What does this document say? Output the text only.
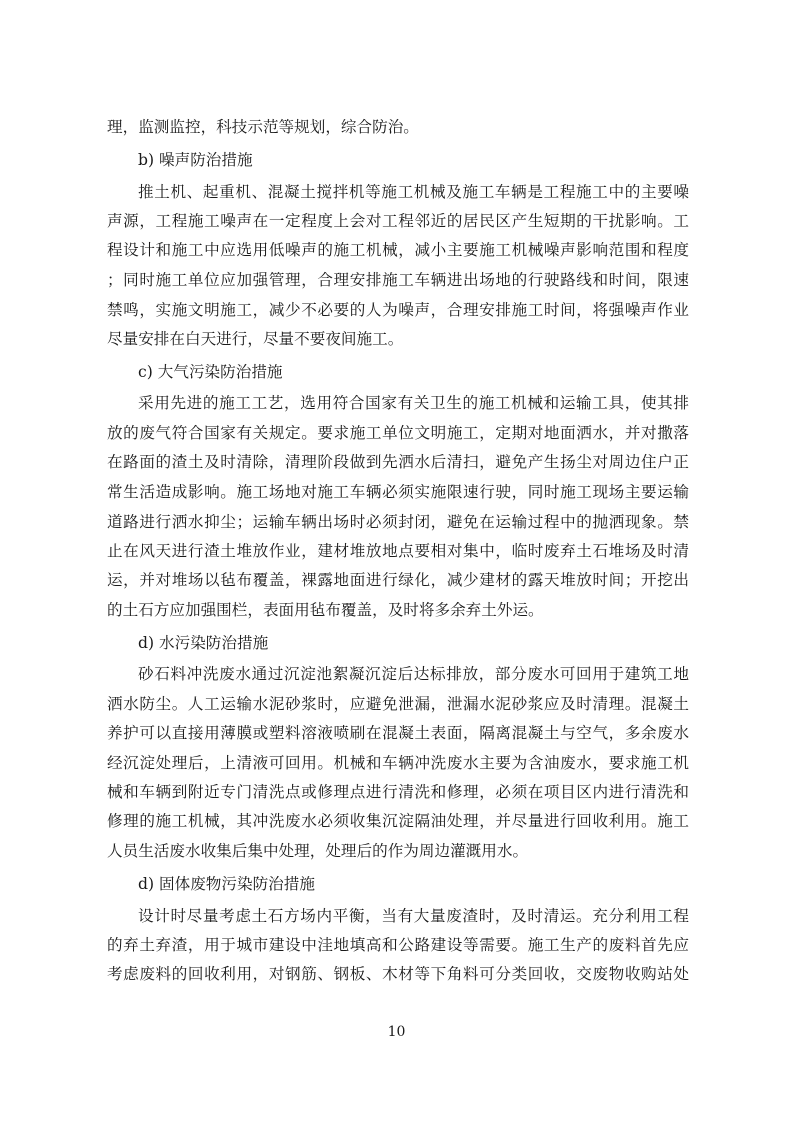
理，监测监控，科技示范等规划，综合防治。
b) 噪声防治措施
推土机、起重机、混凝土搅拌机等施工机械及施工车辆是工程施工中的主要噪
声源，工程施工噪声在一定程度上会对工程邻近的居民区产生短期的干扰影响。工
程设计和施工中应选用低噪声的施工机械，减小主要施工机械噪声影响范围和程度
；同时施工单位应加强管理，合理安排施工车辆进出场地的行驶路线和时间，限速
禁鸣，实施文明施工，减少不必要的人为噪声，合理安排施工时间，将强噪声作业
尽量安排在白天进行，尽量不要夜间施工。
c) 大气污染防治措施
采用先进的施工工艺，选用符合国家有关卫生的施工机械和运输工具，使其排
放的废气符合国家有关规定。要求施工单位文明施工，定期对地面洒水，并对撒落
在路面的渣土及时清除，清理阶段做到先洒水后清扫，避免产生扬尘对周边住户正
常生活造成影响。施工场地对施工车辆必须实施限速行驶，同时施工现场主要运输
道路进行洒水抑尘；运输车辆出场时必须封闭，避免在运输过程中的抛洒现象。禁
止在风天进行渣土堆放作业，建材堆放地点要相对集中，临时废弃土石堆场及时清
运，并对堆场以毡布覆盖，裸露地面进行绿化，减少建材的露天堆放时间；开挖出
的土石方应加强围栏，表面用毡布覆盖，及时将多余弃土外运。
d) 水污染防治措施
砂石料冲洗废水通过沉淀池絮凝沉淀后达标排放，部分废水可回用于建筑工地
洒水防尘。人工运输水泥砂浆时，应避免泄漏，泄漏水泥砂浆应及时清理。混凝土
养护可以直接用薄膜或塑料溶液喷刷在混凝土表面，隔离混凝土与空气，多余废水
经沉淀处理后，上清液可回用。机械和车辆冲洗废水主要为含油废水，要求施工机
械和车辆到附近专门清洗点或修理点进行清洗和修理，必须在项目区内进行清洗和
修理的施工机械，其冲洗废水必须收集沉淀隔油处理，并尽量进行回收利用。施工
人员生活废水收集后集中处理，处理后的作为周边灌溉用水。
d) 固体废物污染防治措施
设计时尽量考虑土石方场内平衡，当有大量废渣时，及时清运。充分利用工程
的弃土弃渣，用于城市建设中洼地填高和公路建设等需要。施工生产的废料首先应
考虑废料的回收利用，对钢筋、钢板、木材等下角料可分类回收，交废物收购站处
10
